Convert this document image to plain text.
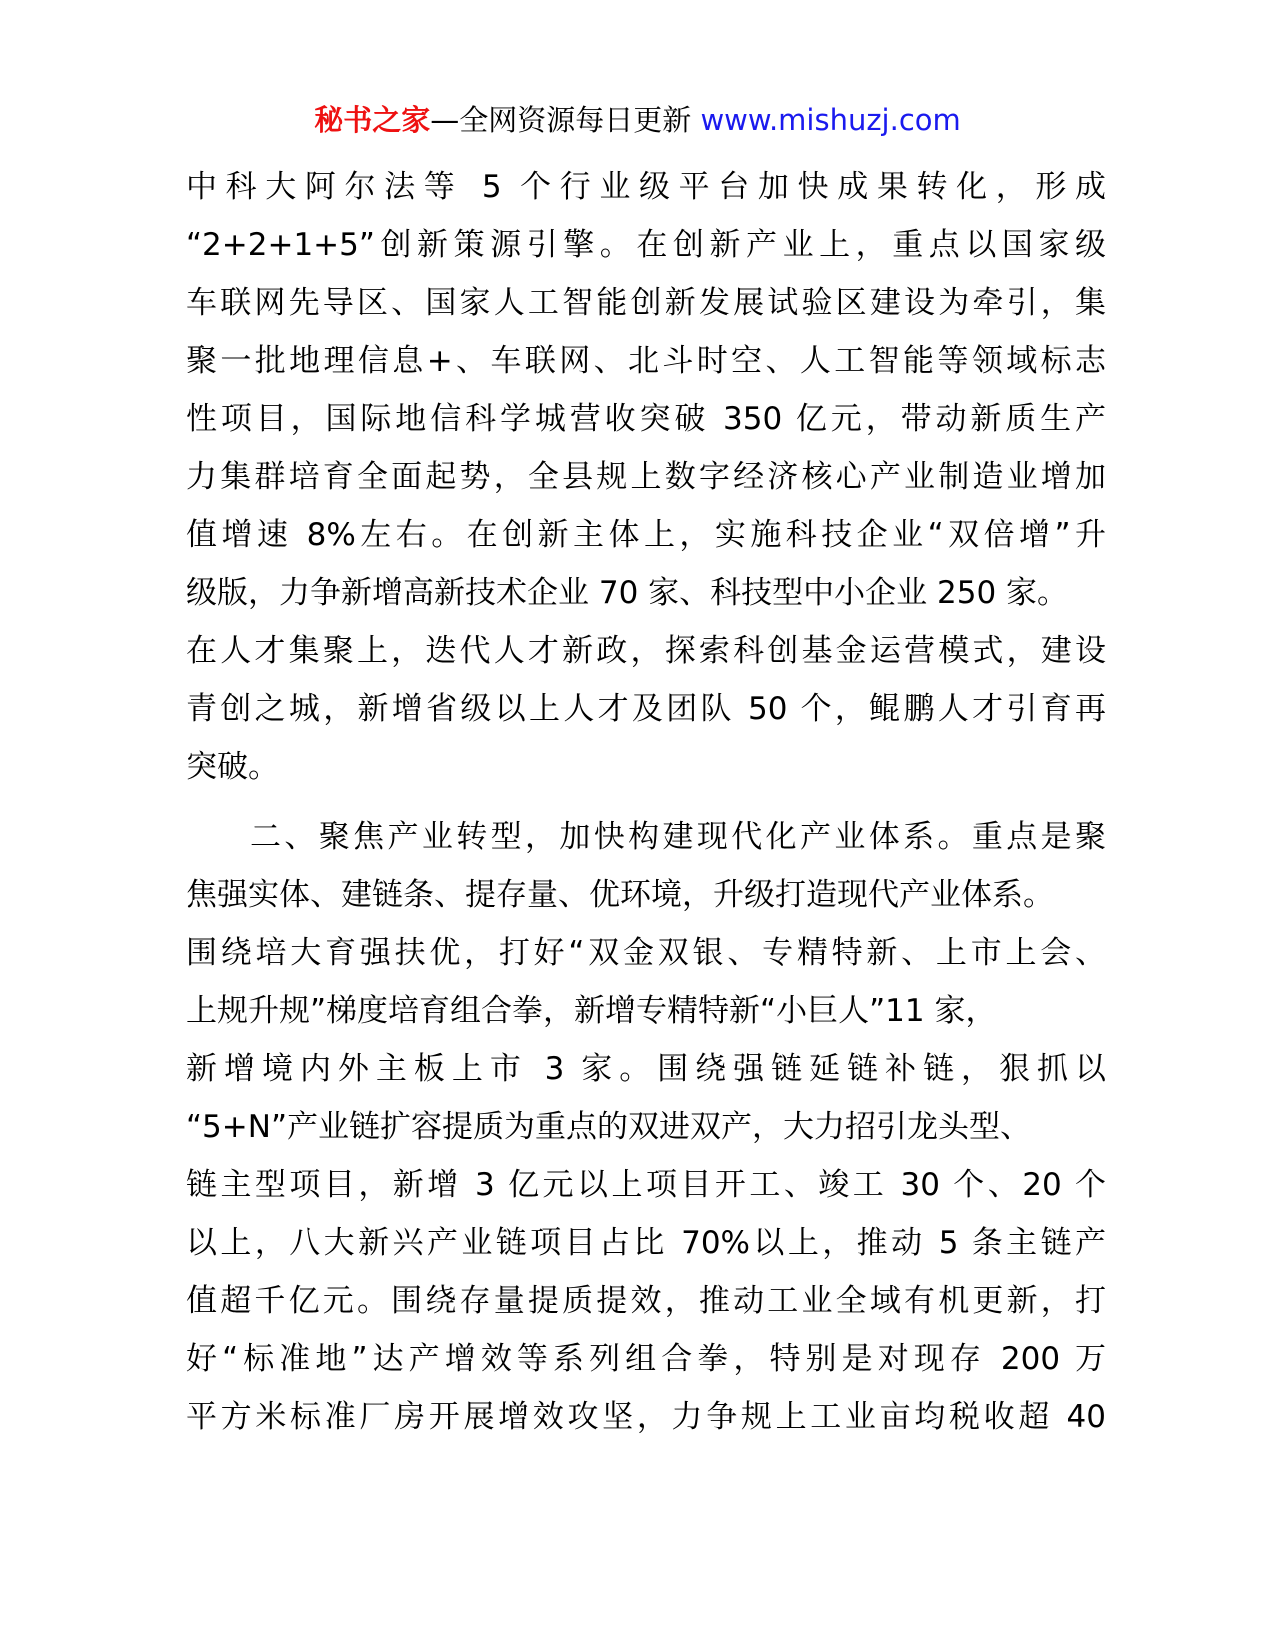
秘书之家—全网资源每日更新 www.mishuzj.com
中科大阿尔法等 5 个行业级平台加快成果转化，形成
“2+2+1+5”创新策源引擎。在创新产业上，重点以国家级
车联网先导区、国家人工智能创新发展试验区建设为牵引，集
聚一批地理信息+、车联网、北斗时空、人工智能等领域标志
性项目，国际地信科学城营收突破 350 亿元，带动新质生产
力集群培育全面起势，全县规上数字经济核心产业制造业增加
值增速 8%左右。在创新主体上，实施科技企业“双倍增”升
级版，力争新增高新技术企业 70 家、科技型中小企业 250 家。
在人才集聚上，迭代人才新政，探索科创基金运营模式，建设
青创之城，新增省级以上人才及团队 50 个，鲲鹏人才引育再
突破。
二、聚焦产业转型，加快构建现代化产业体系。重点是聚
焦强实体、建链条、提存量、优环境，升级打造现代产业体系。
围绕培大育强扶优，打好“双金双银、专精特新、上市上会、
上规升规”梯度培育组合拳，新增专精特新“小巨人”11 家，
新增境内外主板上市 3 家。围绕强链延链补链，狠抓以
“5+N”产业链扩容提质为重点的双进双产，大力招引龙头型、
链主型项目，新增 3 亿元以上项目开工、竣工 30 个、20 个
以上，八大新兴产业链项目占比 70%以上，推动 5 条主链产
值超千亿元。围绕存量提质提效，推动工业全域有机更新，打
好“标准地”达产增效等系列组合拳，特别是对现存 200 万
平方米标准厂房开展增效攻坚，力争规上工业亩均税收超 40
